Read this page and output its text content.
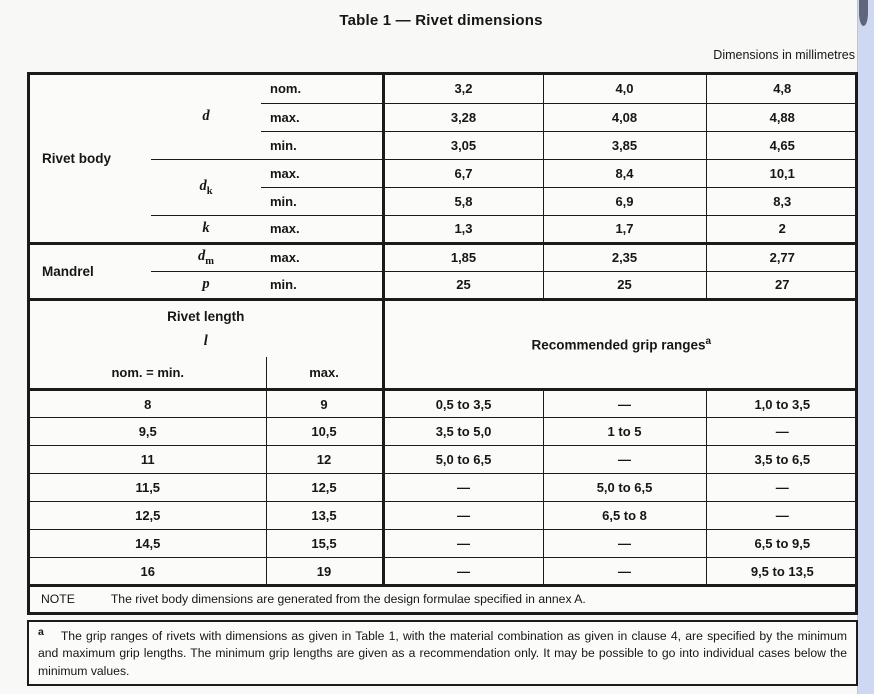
Table 1 — Rivet dimensions
Dimensions in millimetres
Rivet body	d	nom.	3,2	4,0	4,8
		max.	3,28	4,08	4,88
		min.	3,05	3,85	4,65
	$d_k$	max.	6,7	8,4	10,1
		min.	5,8	6,9	8,3
	k	max.	1,3	1,7	2
Mandrel	$d_m$	max.	1,85	2,35	2,77
	p	min.	25	25	27
Rivet length
l		Recommended grip ranges$^a$
nom. = min.	max.			
8	9	0,5 to 3,5	—	1,0 to 3,5
9,5	10,5	3,5 to 5,0	1 to 5	—
11	12	5,0 to 6,5	—	3,5 to 6,5
11,5	12,5	—	5,0 to 6,5	—
12,5	13,5	—	6,5 to 8	—
14,5	15,5	—	—	6,5 to 9,5
16	19	—	—	9,5 to 13,5
NOTE The rivet body dimensions are generated from the design formulae specified in annex A.				
$^a$ The grip ranges of rivets with dimensions as given in Table 1, with the material combination as given in clause 4, are specified by the minimum and maximum grip lengths. The minimum grip lengths are given as a recommendation only. It may be possible to go into individual cases below the minimum values.
